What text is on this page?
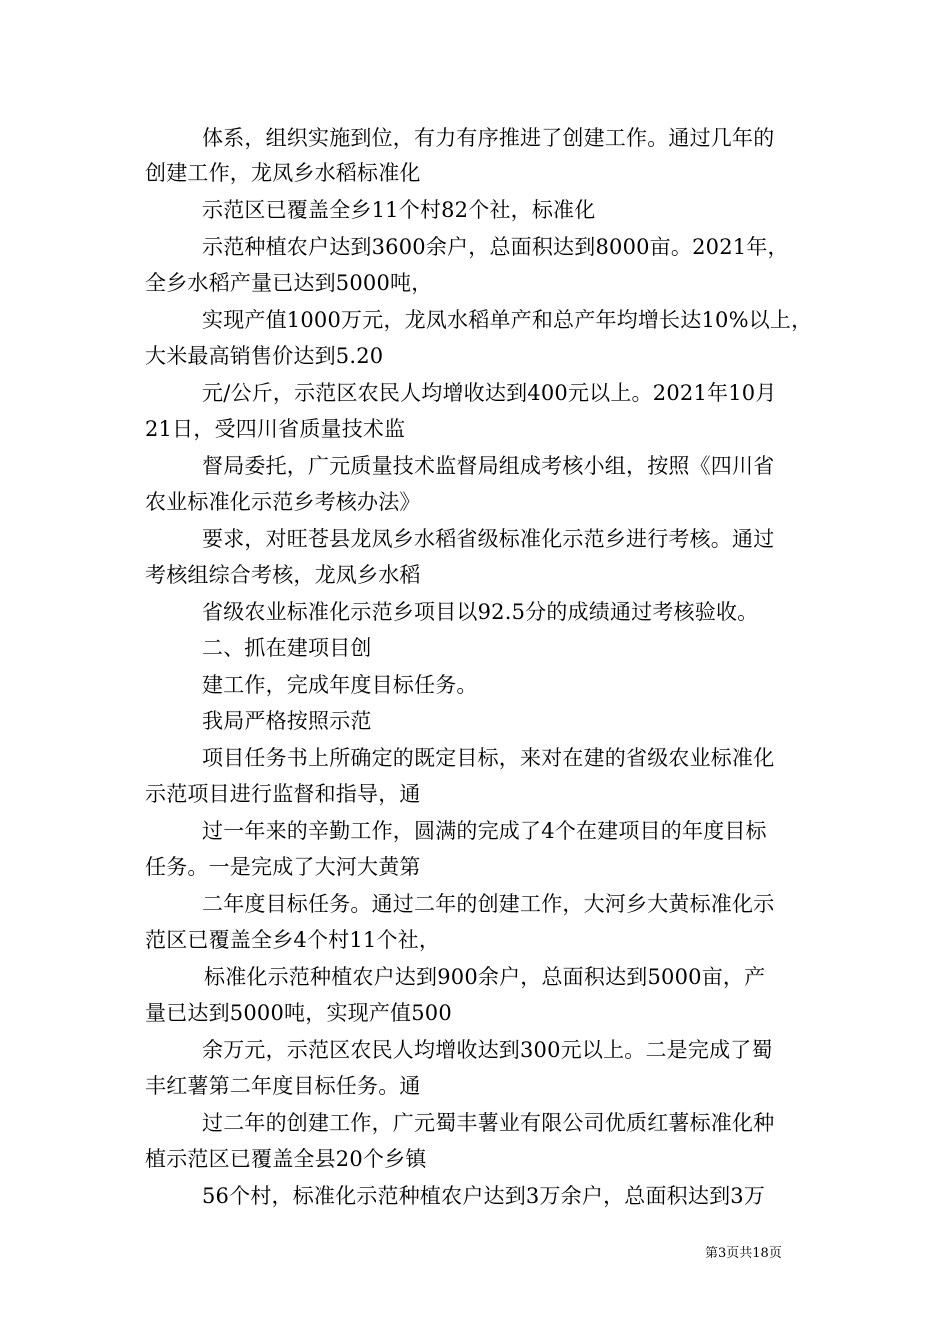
体系，组织实施到位，有力有序推进了创建工作。通过几年的
创建工作，龙凤乡水稻标准化
示范区已覆盖全乡11个村82个社，标准化
示范种植农户达到3600余户，总面积达到8000亩。2021年，
全乡水稻产量已达到5000吨，
实现产值1000万元，龙凤水稻单产和总产年均增长达10%以上，
大米最高销售价达到5.20
元/公斤，示范区农民人均增收达到400元以上。2021年10月
21日，受四川省质量技术监
督局委托，广元质量技术监督局组成考核小组，按照《四川省
农业标准化示范乡考核办法》
要求，对旺苍县龙凤乡水稻省级标准化示范乡进行考核。通过
考核组综合考核，龙凤乡水稻
省级农业标准化示范乡项目以92.5分的成绩通过考核验收。
二、抓在建项目创
建工作，完成年度目标任务。
我局严格按照示范
项目任务书上所确定的既定目标，来对在建的省级农业标准化
示范项目进行监督和指导，通
过一年来的辛勤工作，圆满的完成了4个在建项目的年度目标
任务。一是完成了大河大黄第
二年度目标任务。通过二年的创建工作，大河乡大黄标准化示
范区已覆盖全乡4个村11个社，
标准化示范种植农户达到900余户，总面积达到5000亩，产
量已达到5000吨，实现产值500
余万元，示范区农民人均增收达到300元以上。二是完成了蜀
丰红薯第二年度目标任务。通
过二年的创建工作，广元蜀丰薯业有限公司优质红薯标准化种
植示范区已覆盖全县20个乡镇
56个村，标准化示范种植农户达到3万余户，总面积达到3万
第3页共18页
